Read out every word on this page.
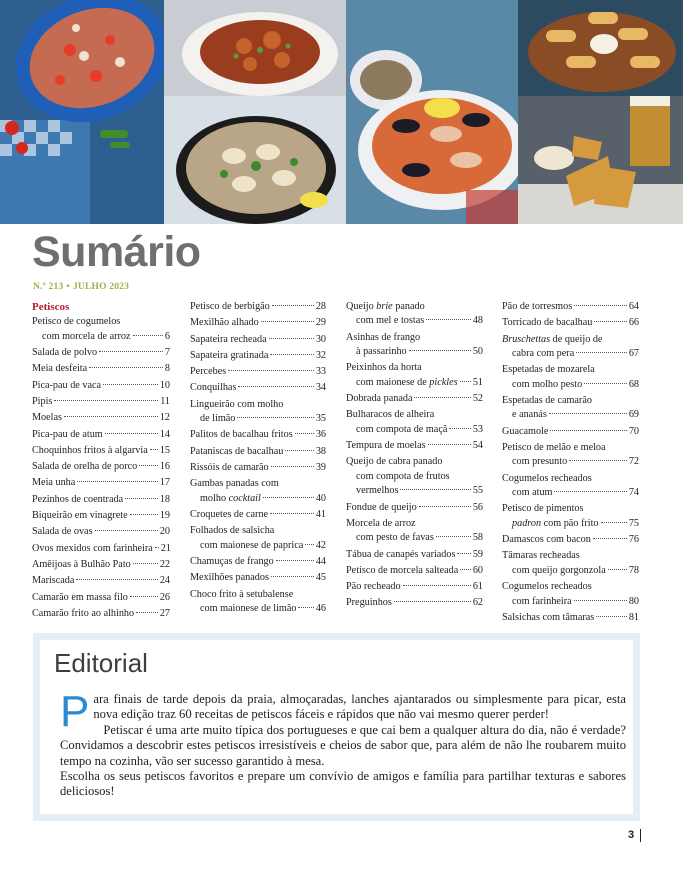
Sumário
N.º 213 • JULHO 2023
Petiscos
Petisco de cogumelos
com morcela de arroz	6
Salada de polvo	7
Meia desfeita	8
Pica-pau de vaca	10
Pipis	11
Moelas	12
Pica-pau de atum	14
Choquinhos fritos à algarvia 15
Salada de orelha de porco 16
Meia unha	17
Pezinhos de coentrada	18
Biqueirão em vinagrete	19
Salada de ovas	20
Ovos mexidos com farinheira 21
Amêijoas à Bulhão Pato	22
Mariscada	24
Camarão em massa filo	26
Camarão frito ao alhinho	27
Petisco de berbigão	28
Mexilhão alhado	29
Sapateira recheada	30
Sapateira gratinada	32
Percebes	33
Conquilhas	34
Lingueirão com molho
de limão	35
Palitos de bacalhau fritos 36
Pataniscas de bacalhau	38
Rissóis de camarão	39
Gambas panadas com
molho cocktail	40
Croquetes de carne	41
Folhados de salsicha
com maionese de paprica 42
Chamuças de frango	44
Mexilhões panados	45
Choco frito à setubalense
com maionese de limão 46
Queijo brie panado
com mel e tostas	48
Asinhas de frango
à passarinho	50
Peixinhos da horta
com maionese de pickles 51
Dobrada panada	52
Bulharacos de alheira
com compota de maçã 53
Tempura de moelas	54
Queijo de cabra panado
com compota de frutos
vermelhos	55
Fondue de queijo	56
Morcela de arroz
com pesto de favas	58
Tábua de canapés variados 59
Petisco de morcela salteada 60
Pão recheado	61
Preguinhos	62
Pão de torresmos	64
Torricado de bacalhau	66
Bruschettas de queijo de
cabra com pera	67
Espetadas de mozarela
com molho pesto	68
Espetadas de camarão
e ananás	69
Guacamole	70
Petisco de melão e meloa
com presunto	72
Cogumelos recheados
com atum	74
Petisco de pimentos
padron com pão frito	75
Damascos com bacon	76
Tâmaras recheadas
com queijo gorgonzola 78
Cogumelos recheados
com farinheira	80
Salsichas com tâmaras	81
Editorial

Para finais de tarde depois da praia, almoçaradas, lanches ajantarados ou simplesmente para picar, esta nova edição traz 60 receitas de petiscos fáceis e rápidos que não vai mesmo querer perder!

Petiscar é uma arte muito típica dos portugueses e que cai bem a qualquer altura do dia, não é verdade? Convidamos a descobrir estes petiscos irresistíveis e cheios de sabor que, para além de não lhe roubarem muito tempo na cozinha, vão ser sucesso garantido à mesa.

Escolha os seus petiscos favoritos e prepare um convívio de amigos e família para partilhar texturas e sabores deliciosos!

3
